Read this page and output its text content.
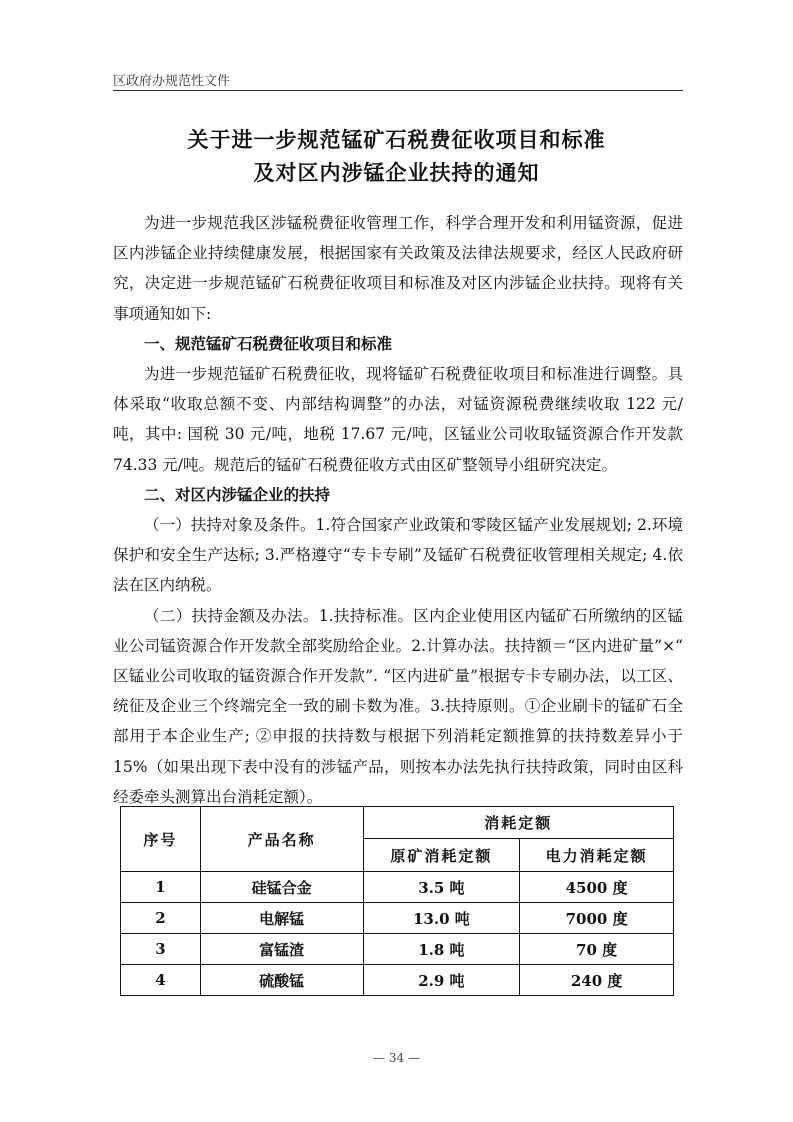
区政府办规范性文件
关于进一步规范锰矿石税费征收项目和标准
及对区内涉锰企业扶持的通知

为进一步规范我区涉锰税费征收管理工作，科学合理开发和利用锰资源，促进区内涉锰企业持续健康发展，根据国家有关政策及法律法规要求，经区人民政府研究，决定进一步规范锰矿石税费征收项目和标准及对区内涉锰企业扶持。现将有关事项通知如下:

一、规范锰矿石税费征收项目和标准

为进一步规范锰矿石税费征收，现将锰矿石税费征收项目和标准进行调整。具体采取“收取总额不变、内部结构调整”的办法，对锰资源税费继续收取 122 元/吨，其中: 国税 30 元/吨，地税 17.67 元/吨，区锰业公司收取锰资源合作开发款 74.33 元/吨。规范后的锰矿石税费征收方式由区矿整领导小组研究决定。

二、对区内涉锰企业的扶持

（一）扶持对象及条件。1.符合国家产业政策和零陵区锰产业发展规划; 2.环境保护和安全生产达标; 3.严格遵守“专卡专刷”及锰矿石税费征收管理相关规定; 4.依法在区内纳税。

（二）扶持金额及办法。1.扶持标准。区内企业使用区内锰矿石所缴纳的区锰业公司锰资源合作开发款全部奖励给企业。2.计算办法。扶持额＝“区内进矿量”×“ 区锰业公司收取的锰资源合作开发款”. “区内进矿量”根据专卡专刷办法，以工区、统征及企业三个终端完全一致的刷卡数为准。3.扶持原则。①企业刷卡的锰矿石全部用于本企业生产; ②申报的扶持数与根据下列消耗定额推算的扶持数差异小于 15%（如果出现下表中没有的涉锰产品，则按本办法先执行扶持政策，同时由区科经委牵头测算出台消耗定额）。

序号	产品名称	消耗定额	
		原矿消耗定额	电力消耗定额
1	硅锰合金	3.5 吨	4500 度
2	电解锰	13.0 吨	7000 度
3	富锰渣	1.8 吨	70 度
4	硫酸锰	2.9 吨	240 度
— 34 —
